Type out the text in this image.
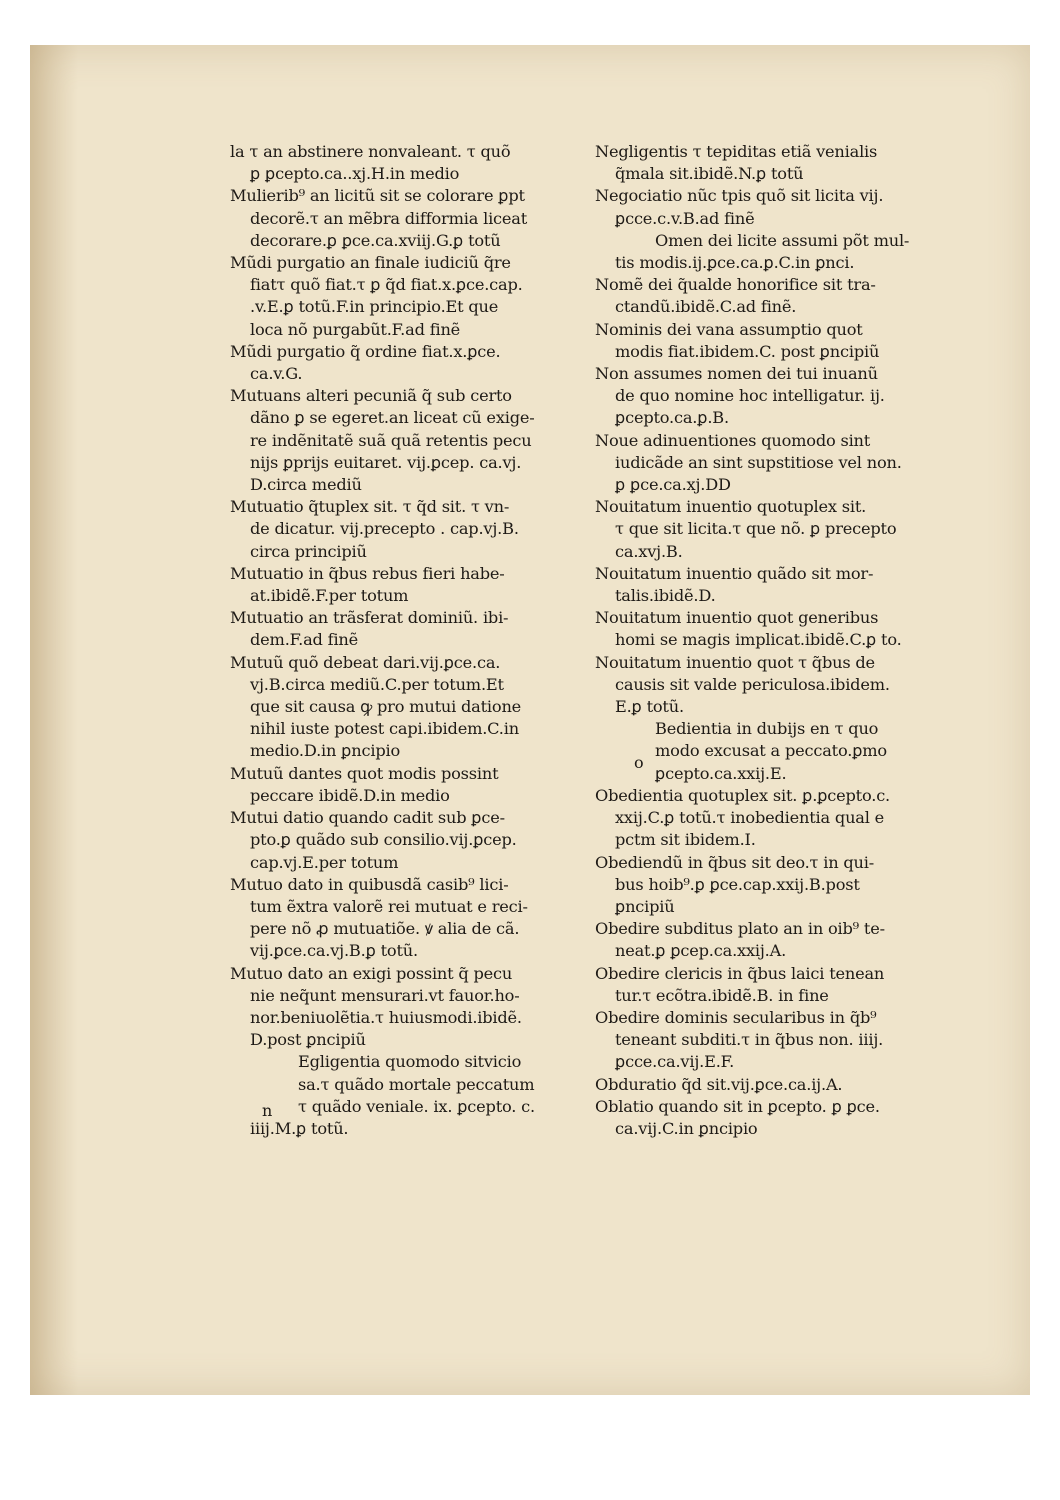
la τ an abstinere nonvaleant. τ quõ
ꝑ ꝑcepto.ca..xj.H.in medio
Mulierib⁹ an licitũ sit se colorare ꝑpt
decorẽ.τ an mẽbra difformia liceat
decorare.ꝑ ꝑce.ca.xviij.G.ꝑ totũ
Mũdi purgatio an finale iudiciũ q̃re
fiatτ quõ fiat.τ ꝑ q̃d fiat.x.ꝑce.cap.
.v.E.ꝑ totũ.F.in principio.Et que
loca nõ purgabũt.F.ad finẽ
Mũdi purgatio q̃ ordine fiat.x.ꝑce.
ca.v.G.
Mutuans alteri pecuniã q̃ sub certo
dãno ꝑ se egeret.an liceat cũ exige-
re indẽnitatẽ suã quã retentis pecu
nijs ꝑprijs euitaret. vij.ꝑcep. ca.vj.
D.circa mediũ
Mutuatio q̃tuplex sit. τ q̃d sit. τ vn-
de dicatur. vij.precepto . cap.vj.B.
circa principiũ
Mutuatio in q̃bus rebus fieri habe-
at.ibidẽ.F.per totum
Mutuatio an trãsferat dominiũ. ibi-
dem.F.ad finẽ
Mutuũ quõ debeat dari.vij.ꝑce.ca.
vj.B.circa mediũ.C.per totum.Et
que sit causa ꝙ pro mutui datione
nihil iuste potest capi.ibidem.C.in
medio.D.in ꝑncipio
Mutuũ dantes quot modis possint
peccare ibidẽ.D.in medio
Mutui datio quando cadit sub ꝑce-
pto.ꝑ quãdo sub consilio.vij.ꝑcep.
cap.vj.E.per totum
Mutuo dato in quibusdã casib⁹ lici-
tum ẽxtra valorẽ rei mutuat e reci-
pere nõ ꝓ mutuatiõe. ꝟ alia de cã.
vij.ꝑce.ca.vj.B.ꝑ totũ.
Mutuo dato an exigi possint q̃ pecu
nie neq̃unt mensurari.vt fauor.ho-
nor.beniuolẽtia.τ huiusmodi.ibidẽ.
D.post ꝑncipiũ
Egligentia quomodo sitvicio
sa.τ quãdo mortale peccatum
τ quãdo veniale. ix. ꝑcepto. c.
iiij.M.ꝑ totũ.
Negligentis τ tepiditas etiã venialis
q̃mala sit.ibidẽ.N.ꝑ totũ
Negociatio nũc tpis quõ sit licita vij.
ꝑcce.c.v.B.ad finẽ
Omen dei licite assumi põt mul-
tis modis.ij.ꝑce.ca.ꝑ.C.in ꝑnci.
Nomẽ dei q̃ualde honorifice sit tra-
ctandũ.ibidẽ.C.ad finẽ.
Nominis dei vana assumptio quot
modis fiat.ibidem.C. post ꝑncipiũ
Non assumes nomen dei tui inuanũ
de quo nomine hoc intelligatur. ij.
ꝑcepto.ca.ꝑ.B.
Noue adinuentiones quomodo sint
iudicãde an sint supstitiose vel non.
ꝑ ꝑce.ca.xj.DD
Nouitatum inuentio quotuplex sit.
τ que sit licita.τ que nõ. ꝑ precepto
ca.xvj.B.
Nouitatum inuentio quãdo sit mor-
talis.ibidẽ.D.
Nouitatum inuentio quot generibus
homi se magis implicat.ibidẽ.C.ꝑ to.
Nouitatum inuentio quot τ q̃bus de
causis sit valde periculosa.ibidem.
E.ꝑ totũ.
Bedientia in dubijs en τ quo
modo excusat a peccato.ꝑmo
ꝑcepto.ca.xxij.E.
Obedientia quotuplex sit. ꝑ.ꝑcepto.c.
xxij.C.ꝑ totũ.τ inobedientia qual e
pctm sit ibidem.I.
Obediendũ in q̃bus sit deo.τ in qui-
bus hoib⁹.ꝑ ꝑce.cap.xxij.B.post
ꝑncipiũ
Obedire subditus plato an in oib⁹ te-
neat.ꝑ ꝑcep.ca.xxij.A.
Obedire clericis in q̃bus laici tenean
tur.τ ecõtra.ibidẽ.B. in fine
Obedire dominis secularibus in q̃b⁹
teneant subditi.τ in q̃bus non. iiij.
ꝑcce.ca.vij.E.F.
Obduratio q̃d sit.vij.ꝑce.ca.ij.A.
Oblatio quando sit in ꝑcepto. ꝑ ꝑce.
ca.vij.C.in ꝑncipio
n
o
